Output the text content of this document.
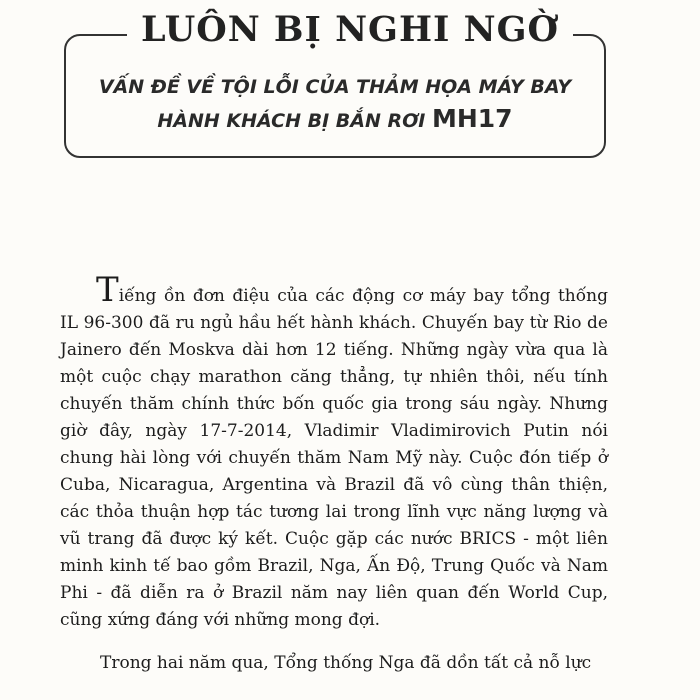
LUÔN BỊ NGHI NGỜ
VẤN ĐỀ VỀ TỘI LỖI CỦA THẢM HỌA MÁY BAY
HÀNH KHÁCH BỊ BẮN RƠI MH17

Tiếng ồn đơn điệu của các động cơ máy bay tổng thống IL 96-300 đã ru ngủ hầu hết hành khách. Chuyến bay từ Rio de Jainero đến Moskva dài hơn 12 tiếng. Những ngày vừa qua là một cuộc chạy marathon căng thẳng, tự nhiên thôi, nếu tính chuyến thăm chính thức bốn quốc gia trong sáu ngày. Nhưng giờ đây, ngày 17-7-2014, Vladimir Vladimirovich Putin nói chung hài lòng với chuyến thăm Nam Mỹ này. Cuộc đón tiếp ở Cuba, Nicaragua, Argentina và Brazil đã vô cùng thân thiện, các thỏa thuận hợp tác tương lai trong lĩnh vực năng lượng và vũ trang đã được ký kết. Cuộc gặp các nước BRICS - một liên minh kinh tế bao gồm Brazil, Nga, Ấn Độ, Trung Quốc và Nam Phi - đã diễn ra ở Brazil năm nay liên quan đến World Cup, cũng xứng đáng với những mong đợi.

Trong hai năm qua, Tổng thống Nga đã dồn tất cả nỗ lực
